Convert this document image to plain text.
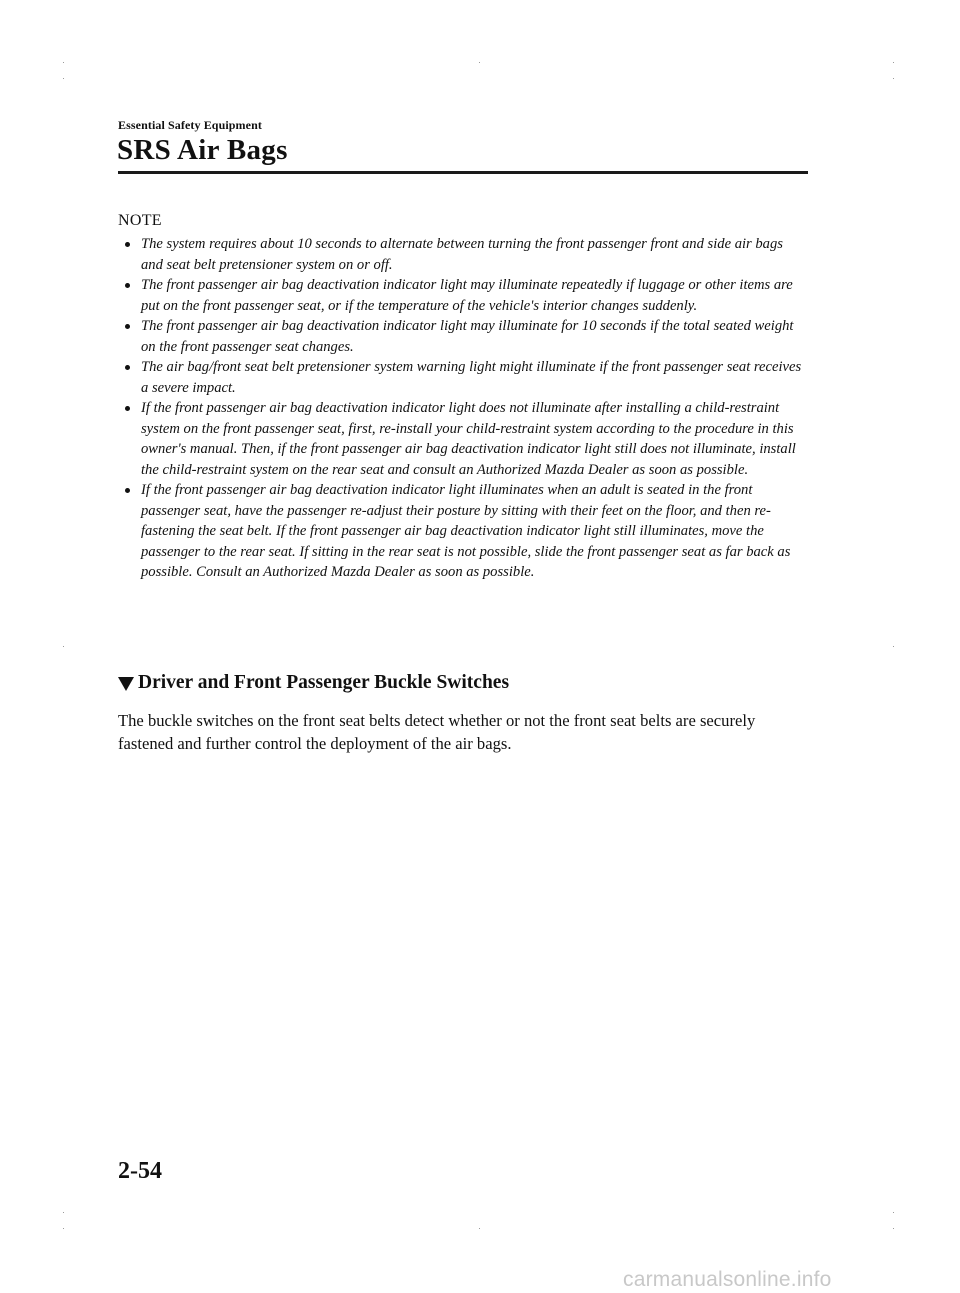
Essential Safety Equipment
SRS Air Bags
NOTE
The system requires about 10 seconds to alternate between turning the front passenger front and side air bags and seat belt pretensioner system on or off.
The front passenger air bag deactivation indicator light may illuminate repeatedly if luggage or other items are put on the front passenger seat, or if the temperature of the vehicle's interior changes suddenly.
The front passenger air bag deactivation indicator light may illuminate for 10 seconds if the total seated weight on the front passenger seat changes.
The air bag/front seat belt pretensioner system warning light might illuminate if the front passenger seat receives a severe impact.
If the front passenger air bag deactivation indicator light does not illuminate after installing a child-restraint system on the front passenger seat, first, re-install your child-restraint system according to the procedure in this owner's manual. Then, if the front passenger air bag deactivation indicator light still does not illuminate, install the child-restraint system on the rear seat and consult an Authorized Mazda Dealer as soon as possible.
If the front passenger air bag deactivation indicator light illuminates when an adult is seated in the front passenger seat, have the passenger re-adjust their posture by sitting with their feet on the floor, and then re-fastening the seat belt. If the front passenger air bag deactivation indicator light still illuminates, move the passenger to the rear seat. If sitting in the rear seat is not possible, slide the front passenger seat as far back as possible. Consult an Authorized Mazda Dealer as soon as possible.
Driver and Front Passenger Buckle Switches

The buckle switches on the front seat belts detect whether or not the front seat belts are securely fastened and further control the deployment of the air bags.

2-54
carmanualsonline.info
